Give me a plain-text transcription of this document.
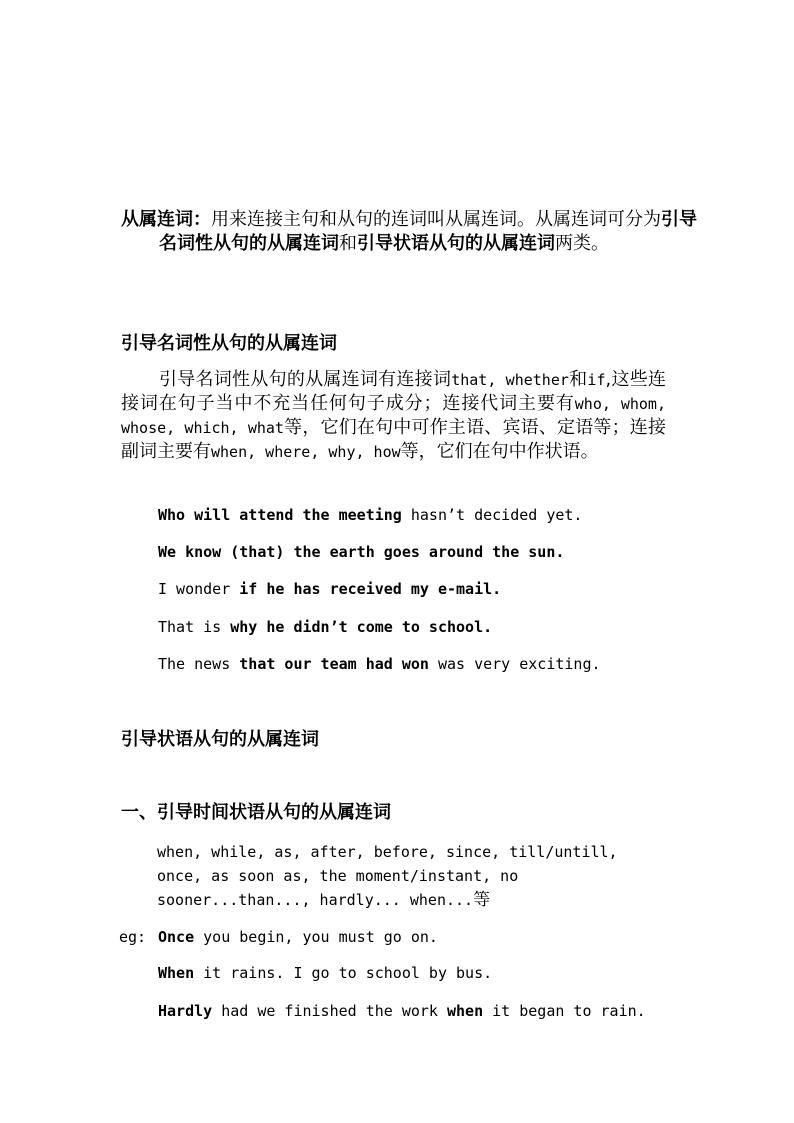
从属连词：用来连接主句和从句的连词叫从属连词。从属连词可分为引导名词性从句的从属连词和引导状语从句的从属连词两类。

引导名词性从句的从属连词

引导名词性从句的从属连词有连接词that, whether和if,这些连接词在句子当中不充当任何句子成分；连接代词主要有who, whom, whose, which, what等，它们在句中可作主语、宾语、定语等；连接副词主要有when, where, why, how等，它们在句中作状语。

Who will attend the meeting hasn’t decided yet.

We know (that) the earth goes around the sun.

I wonder if he has received my e-mail.

That is why he didn’t come to school.

The news that our team had won was very exciting.

引导状语从句的从属连词
一、引导时间状语从句的从属连词

when, while, as, after, before, since, till/untill, once, as soon as, the moment/instant, no sooner...than..., hardly... when...等

eg: Once you begin, you must go on.

When it rains. I go to school by bus.

Hardly had we finished the work when it began to rain.
